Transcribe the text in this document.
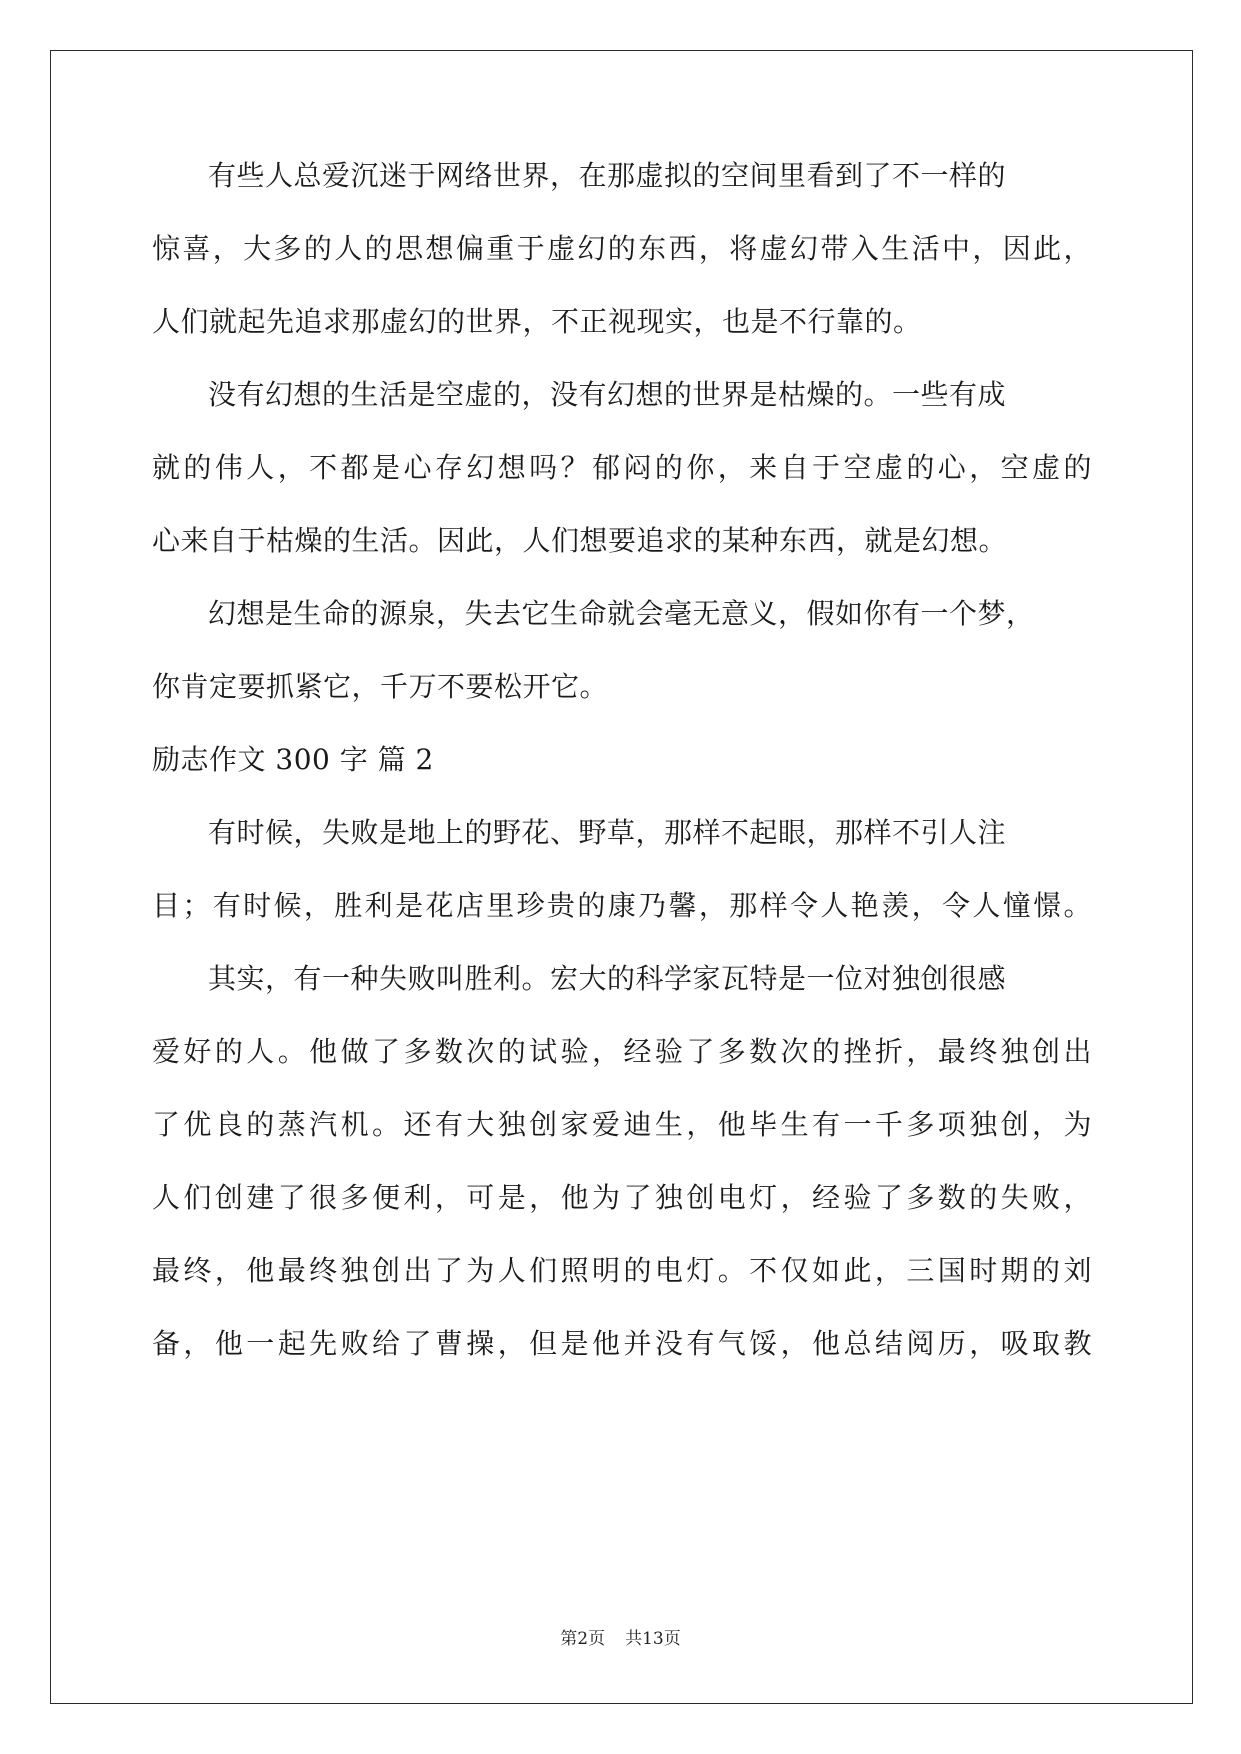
有些人总爱沉迷于网络世界，在那虚拟的空间里看到了不一样的
惊喜，大多的人的思想偏重于虚幻的东西，将虚幻带入生活中，因此，
人们就起先追求那虚幻的世界，不正视现实，也是不行靠的。
没有幻想的生活是空虚的，没有幻想的世界是枯燥的。一些有成
就的伟人，不都是心存幻想吗？郁闷的你，来自于空虚的心，空虚的
心来自于枯燥的生活。因此，人们想要追求的某种东西，就是幻想。
幻想是生命的源泉，失去它生命就会毫无意义，假如你有一个梦，
你肯定要抓紧它，千万不要松开它。
励志作文 300 字 篇 2
有时候，失败是地上的野花、野草，那样不起眼，那样不引人注
目；有时候，胜利是花店里珍贵的康乃馨，那样令人艳羡，令人憧憬。
其实，有一种失败叫胜利。宏大的科学家瓦特是一位对独创很感
爱好的人。他做了多数次的试验，经验了多数次的挫折，最终独创出
了优良的蒸汽机。还有大独创家爱迪生，他毕生有一千多项独创，为
人们创建了很多便利，可是，他为了独创电灯，经验了多数的失败，
最终，他最终独创出了为人们照明的电灯。不仅如此，三国时期的刘
备，他一起先败给了曹操，但是他并没有气馁，他总结阅历，吸取教
第2页 共13页
